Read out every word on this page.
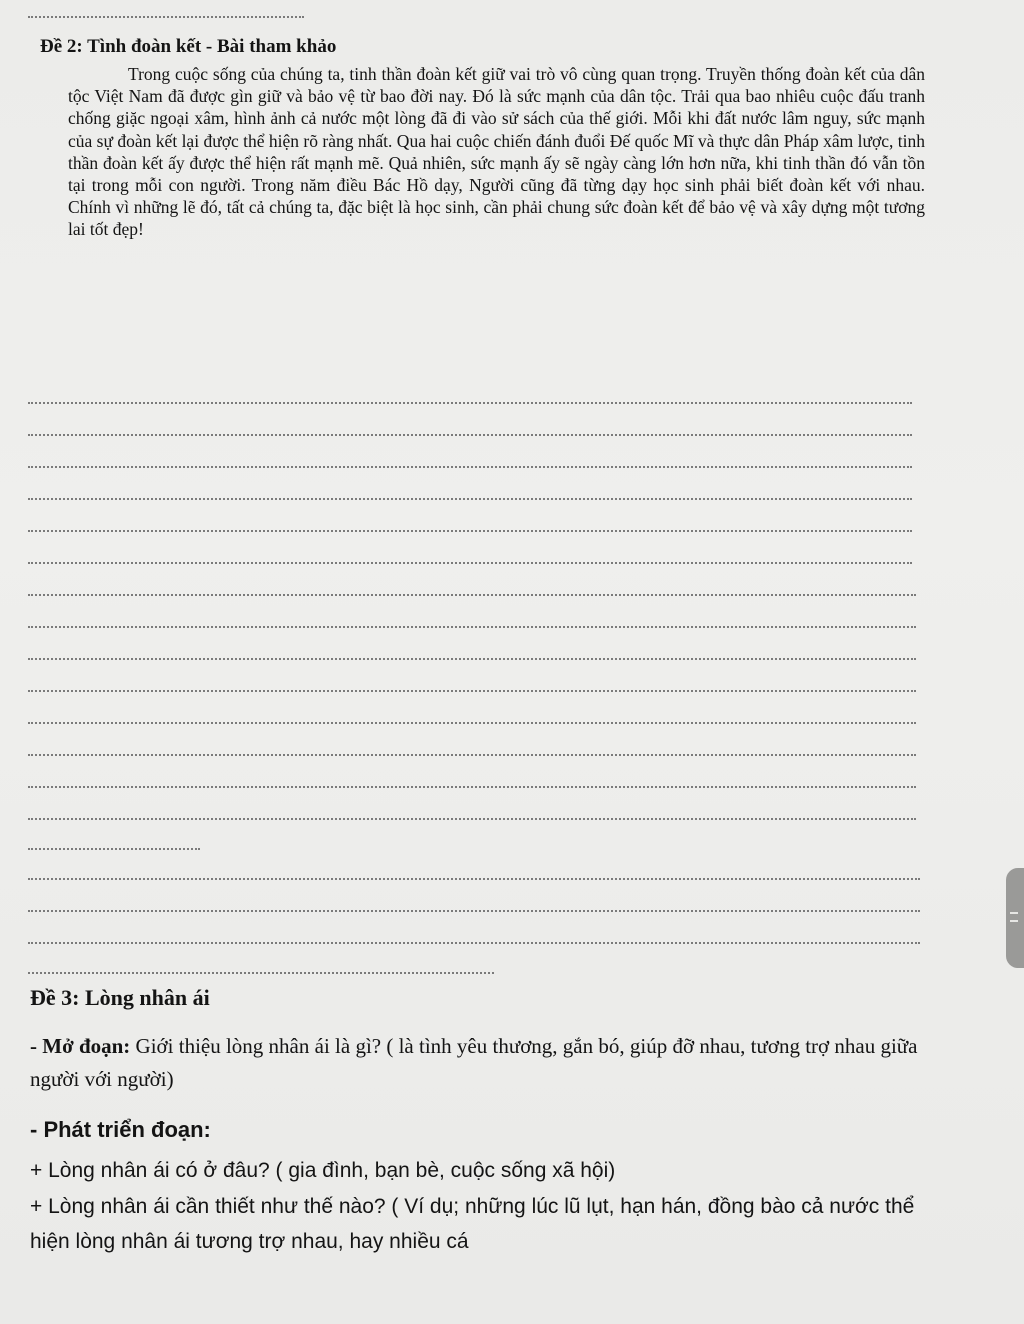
Đề 2: Tình đoàn kết - Bài tham khảo

Trong cuộc sống của chúng ta, tinh thần đoàn kết giữ vai trò vô cùng quan trọng. Truyền thống đoàn kết của dân tộc Việt Nam đã được gìn giữ và bảo vệ từ bao đời nay. Đó là sức mạnh của dân tộc. Trải qua bao nhiêu cuộc đấu tranh chống giặc ngoại xâm, hình ảnh cả nước một lòng đã đi vào sử sách của thế giới. Mỗi khi đất nước lâm nguy, sức mạnh của sự đoàn kết lại được thể hiện rõ ràng nhất. Qua hai cuộc chiến đánh đuổi Đế quốc Mĩ và thực dân Pháp xâm lược, tinh thần đoàn kết ấy được thể hiện rất mạnh mẽ. Quả nhiên, sức mạnh ấy sẽ ngày càng lớn hơn nữa, khi tinh thần đó vẫn tồn tại trong mỗi con người. Trong năm điều Bác Hồ dạy, Người cũng đã từng dạy học sinh phải biết đoàn kết với nhau. Chính vì những lẽ đó, tất cả chúng ta, đặc biệt là học sinh, cần phải chung sức đoàn kết để bảo vệ và xây dựng một tương lai tốt đẹp!

Đề 3: Lòng nhân ái

- Mở đoạn: Giới thiệu lòng nhân ái là gì? ( là tình yêu thương, gắn bó, giúp đỡ nhau, tương trợ nhau giữa người với người)

- Phát triển đoạn:

+ Lòng nhân ái có ở đâu? ( gia đình, bạn bè, cuộc sống xã hội)

+ Lòng nhân ái cần thiết như thế nào? ( Ví dụ; những lúc lũ lụt, hạn hán, đồng bào cả nước thể hiện lòng nhân ái tương trợ nhau, hay nhiều cá
